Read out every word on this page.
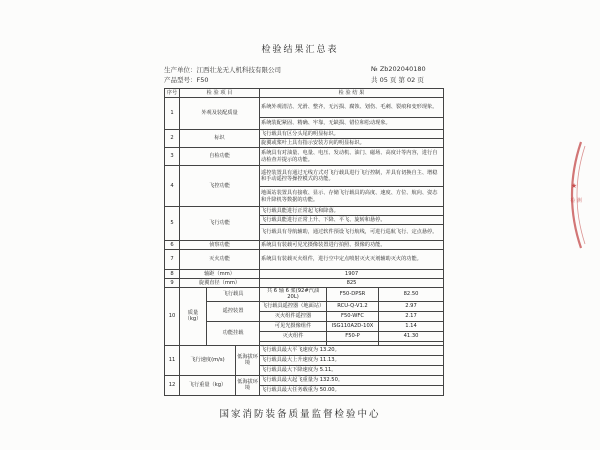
检验结果汇总表
生产单位：江西壮龙无人机科技有限公司
产品型号：F50
№ Zb202040180
共 05 页 第 02 页
序号	检 验 项 目			检 验 结 果		
1	外观及装配质量			系统外观清洁、光滑、整齐，无污损、腐蚀、划伤、毛刺、裂痕和变形现象。		
				系统装配紧固、精确、牢靠，无缺损、错位和松动现象。		
2	标识			飞行载具有区分头尾的明显标识。		
				旋翼或桨叶上具有指示安装方向的明显标识。		
3	自检功能			系统具有对油量、电量、电压、发动机、油门、磁场、高度计等内容，进行自动检查并提示的功能。		
4	飞控功能			遥控装置具有通过无线方式对飞行载具进行飞行控制，并具有切换自主、增稳和手动遥控等操控模式的功能。		
				地面站装置具有接收、显示、存储飞行载具的高度、速度、方位、航向、姿态和升降机等数据的功能。		
5	飞行功能			飞行载具能进行正常起飞和降落。		
				飞行载具能进行正常上升、下降、平飞、旋转和悬停。		
				飞行载具有导航辅助，通过软件预设飞行航线，可进行巡航飞行、定点悬停。		
6	侦察功能			系统具有装载可见光摄像装置进行拍照、摄像的功能。		
7	灭火功能			系统具有装载灭火组件，进行空中定点喷射灭火灭剂辅助灭火的功能。		
8	轴距（mm）			1907		
9	旋翼直径（mm）			825		
10	质量（kg）	飞行载具		共 6 轴 6 桨(92#汽油 20L)	F50-DPSR	82.50
		遥控装置		飞行载具遥控器（地面站）	RCU-Q-V1.2	2.97
				灭火组件遥控器	F50-WFC	2.17
		功能挂载		可见光摄像组件	ISG110A2D-10X	1.14
				灭火组件	F50-P	41.30

11	飞行速度(m/s)		低海拔环境	飞行载具最大平飞速度为 13.20。		
				飞行载具最大上升速度为 11.13。		
				飞行载具最大下降速度为 5.11。		
12	飞行重量（kg）		低海拔环境	飞行载具最大起飞重量为 132.50。		
				飞行载具最大任务载重为 50.00。		
国家消防装备质量监督检验中心
★
检 测
